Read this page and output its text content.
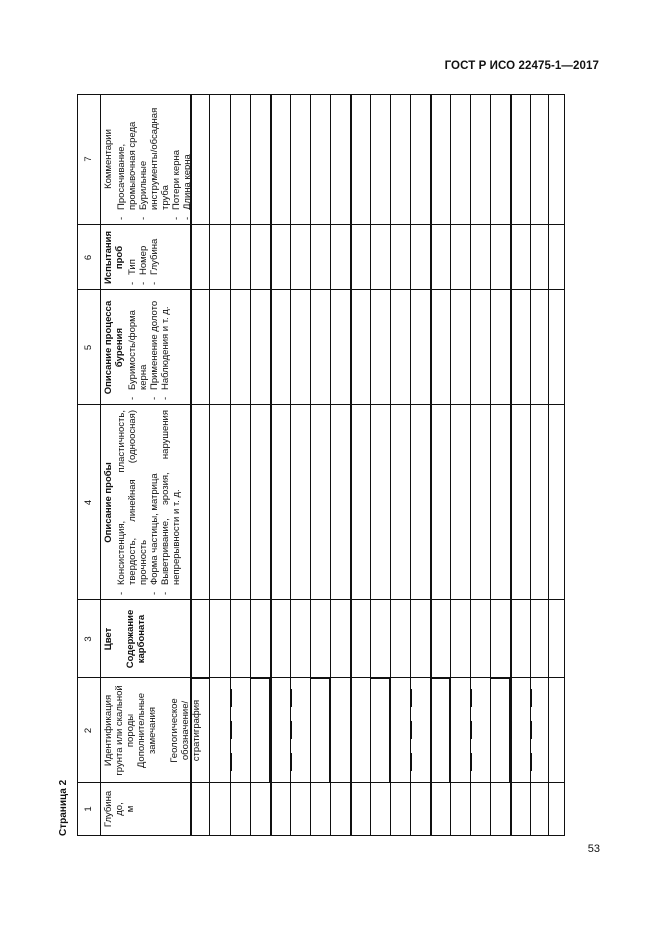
ГОСТ Р ИСО 22475-1—2017
Страница 2	1
2
3
4
5
6
7
Глубина до, м
Идентификация грунта или скальной породы Дополнительные замечания Геологическое обозначение/ стратиграфия
Цвет Содержание карбоната
Описание пробы - Консистенция, пластичность, твердость, линейная (одноосная) прочность - Форма частицы, матрица - Выветривание, эрозия, нарушения непрерывности и т. д.
Описание процесса бурения - Буримость/форма керна - Применение долото - Наблюдения и т. д.
Испытания проб - Тип - Номер - Глубина
Комментарии - Просачивание, промывочная среда - Бурильные инструменты/обсадная труба - Потери керна - Длина керна
53
